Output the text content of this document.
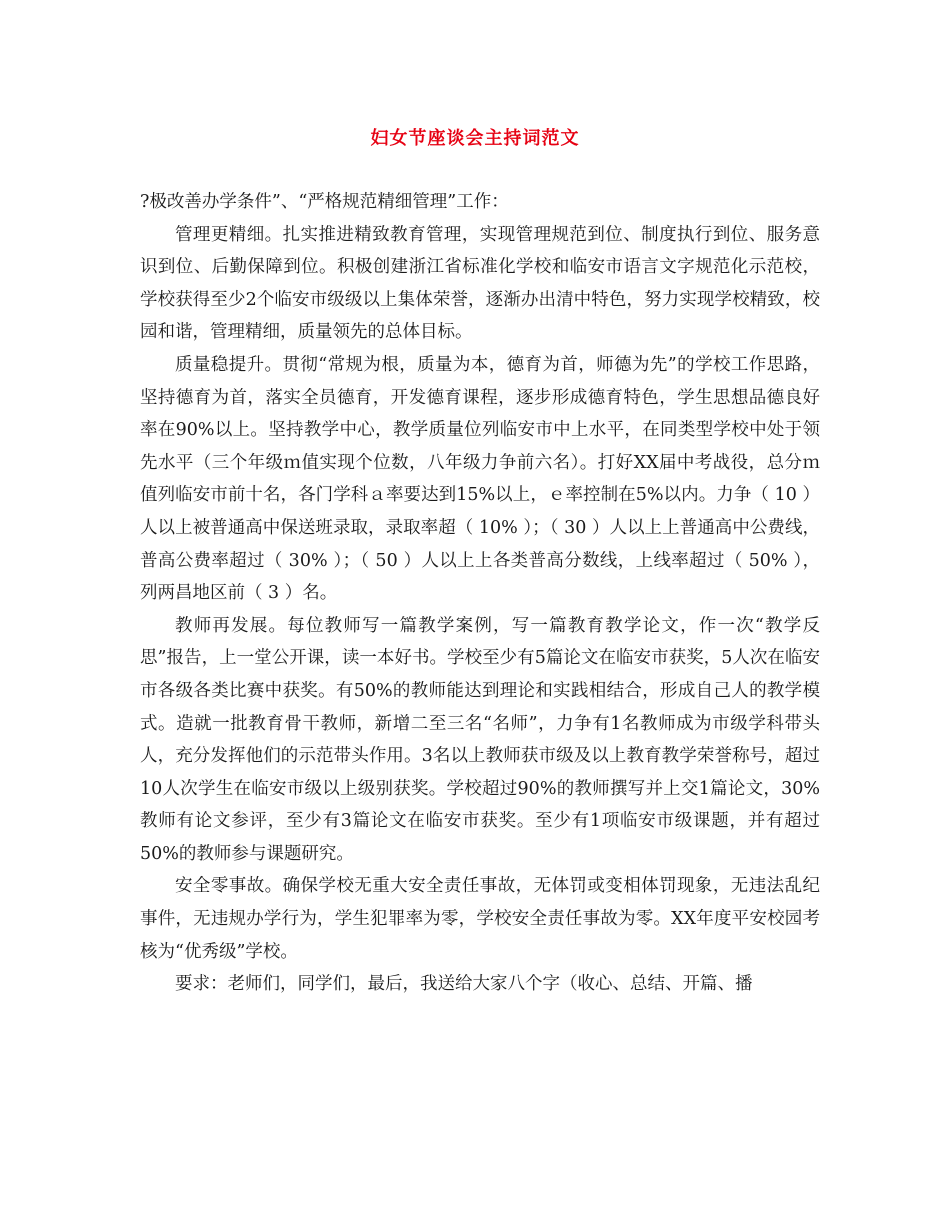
妇女节座谈会主持词范文

?极改善办学条件”、“严格规范精细管理”工作：

管理更精细。扎实推进精致教育管理，实现管理规范到位、制度执行到位、服务意识到位、后勤保障到位。积极创建浙江省标准化学校和临安市语言文字规范化示范校，学校获得至少2个临安市级级以上集体荣誉，逐渐办出清中特色，努力实现学校精致，校园和谐，管理精细，质量领先的总体目标。

质量稳提升。贯彻“常规为根，质量为本，德育为首，师德为先”的学校工作思路，坚持德育为首，落实全员德育，开发德育课程，逐步形成德育特色，学生思想品德良好率在90%以上。坚持教学中心，教学质量位列临安市中上水平，在同类型学校中处于领先水平（三个年级ｍ值实现个位数，八年级力争前六名）。打好XX届中考战役，总分ｍ值列临安市前十名，各门学科ａ率要达到15%以上，ｅ率控制在5%以内。力争（ 10 ）人以上被普通高中保送班录取，录取率超（ 10% ）；（ 30 ）人以上上普通高中公费线，普高公费率超过（ 30% ）；（ 50 ）人以上上各类普高分数线，上线率超过（ 50% ），列两昌地区前（ 3 ）名。

教师再发展。每位教师写一篇教学案例，写一篇教育教学论文，作一次“教学反思”报告，上一堂公开课，读一本好书。学校至少有5篇论文在临安市获奖，5人次在临安市各级各类比赛中获奖。有50%的教师能达到理论和实践相结合，形成自己人的教学模式。造就一批教育骨干教师，新增二至三名“名师”，力争有1名教师成为市级学科带头人，充分发挥他们的示范带头作用。3名以上教师获市级及以上教育教学荣誉称号，超过10人次学生在临安市级以上级别获奖。学校超过90%的教师撰写并上交1篇论文，30%教师有论文参评，至少有3篇论文在临安市获奖。至少有1项临安市级课题，并有超过50%的教师参与课题研究。

安全零事故。确保学校无重大安全责任事故，无体罚或变相体罚现象，无违法乱纪事件，无违规办学行为，学生犯罪率为零，学校安全责任事故为零。XX年度平安校园考核为“优秀级”学校。

要求：老师们，同学们，最后，我送给大家八个字（收心、总结、开篇、播
